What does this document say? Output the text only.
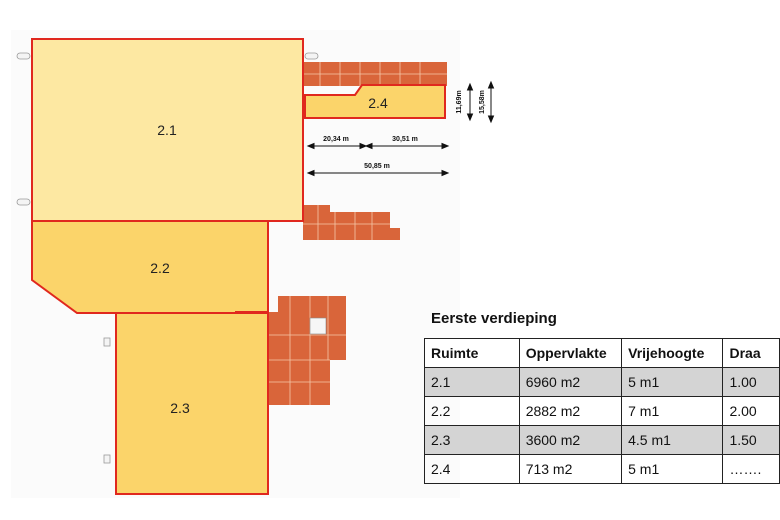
2.4
2.1
2.2
2.3
20,34 m	30,51 m
50,85 m
11,69m 15,58m
Eerste verdieping
Ruimte	Oppervlakte	Vrijehoogte	Draa
2.1	6960 m2	5 m1	1.00
2.2	2882 m2	7 m1	2.00
2.3	3600 m2	4.5 m1	1.50
2.4	713 m2	5 m1	…….
